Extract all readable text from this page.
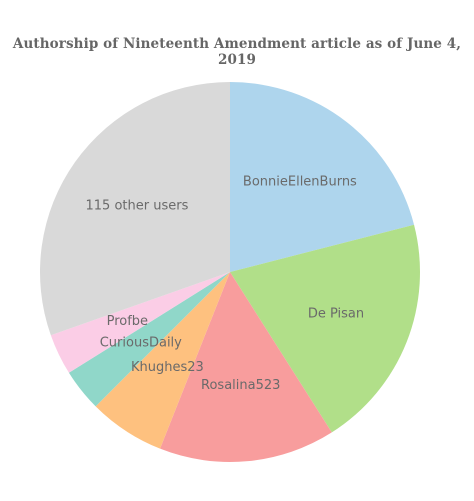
Authorship of Nineteenth Amendment article as of June 4, 2019
BonnieEllenBurns
De Pisan
Rosalina523
Khughes23
CuriousDaily
Profbe
115 other users
